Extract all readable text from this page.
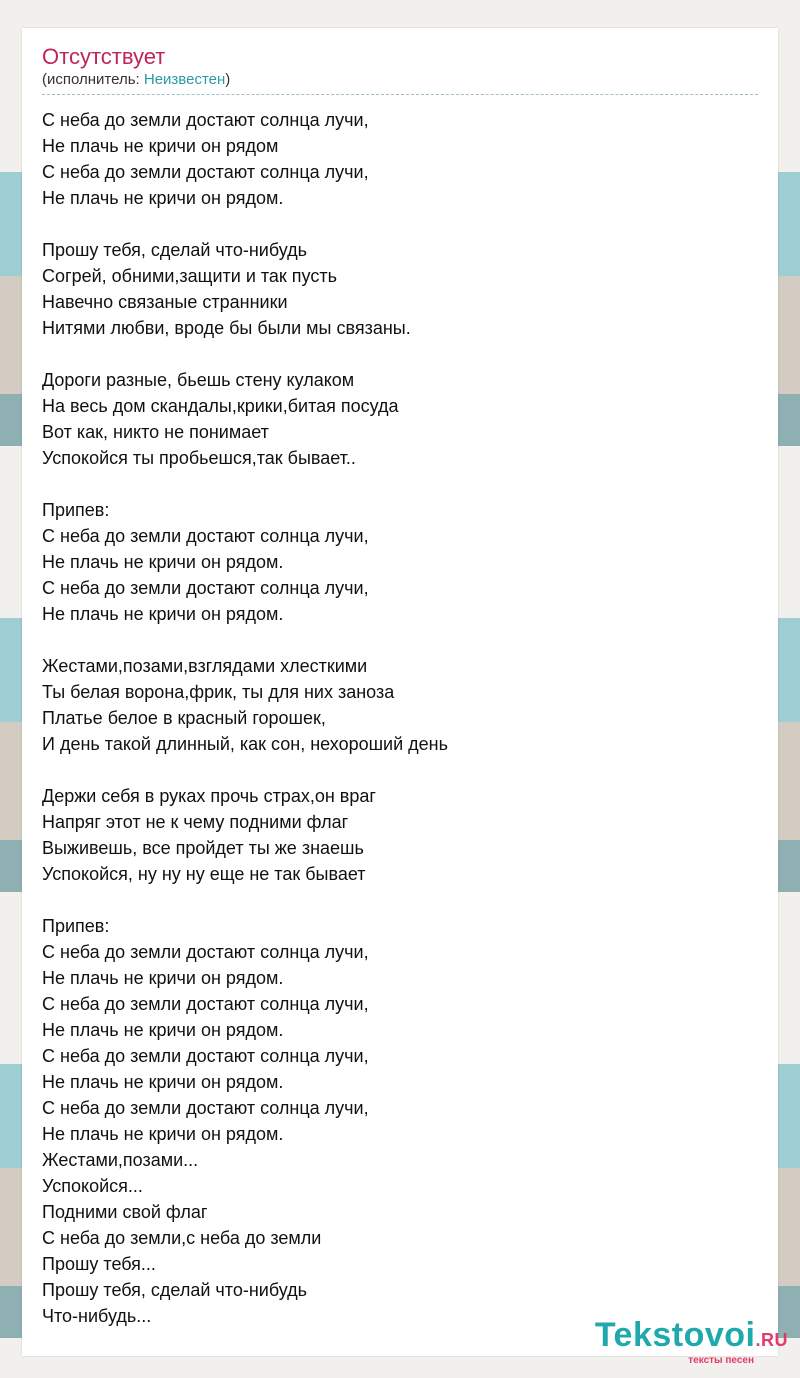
Отсутствует
(исполнитель: Неизвестен)
С неба до земли достают солнца лучи,
Не плачь не кричи он рядом
С неба до земли достают солнца лучи,
Не плачь не кричи он рядом.
Прошу тебя, сделай что-нибудь
Согрей, обними,защити и так пусть
Навечно связаные странники
Нитями любви, вроде бы были мы связаны.
Дороги разные, бьешь стену кулаком
На весь дом скандалы,крики,битая посуда
Вот как, никто не понимает
Успокойся ты пробьешся,так бывает..
Припев:
С неба до земли достают солнца лучи,
Не плачь не кричи он рядом.
С неба до земли достают солнца лучи,
Не плачь не кричи он рядом.
Жестами,позами,взглядами хлесткими
Ты белая ворона,фрик, ты для них заноза
Платье белое в красный горошек,
И день такой длинный, как сон, нехороший день
Держи себя в руках прочь страх,он враг
Напряг этот не к чему подними флаг
Выживешь, все пройдет ты же знаешь
Успокойся, ну ну ну еще не так бывает
Припев:
С неба до земли достают солнца лучи,
Не плачь не кричи он рядом.
С неба до земли достают солнца лучи,
Не плачь не кричи он рядом.
С неба до земли достают солнца лучи,
Не плачь не кричи он рядом.
С неба до земли достают солнца лучи,
Не плачь не кричи он рядом.
Жестами,позами...
Успокойся...
Подними свой флаг
С неба до земли,с неба до земли
Прошу тебя...
Прошу тебя, сделай что-нибудь
Что-нибудь...	Tekstovoi.RU
тексты песен
